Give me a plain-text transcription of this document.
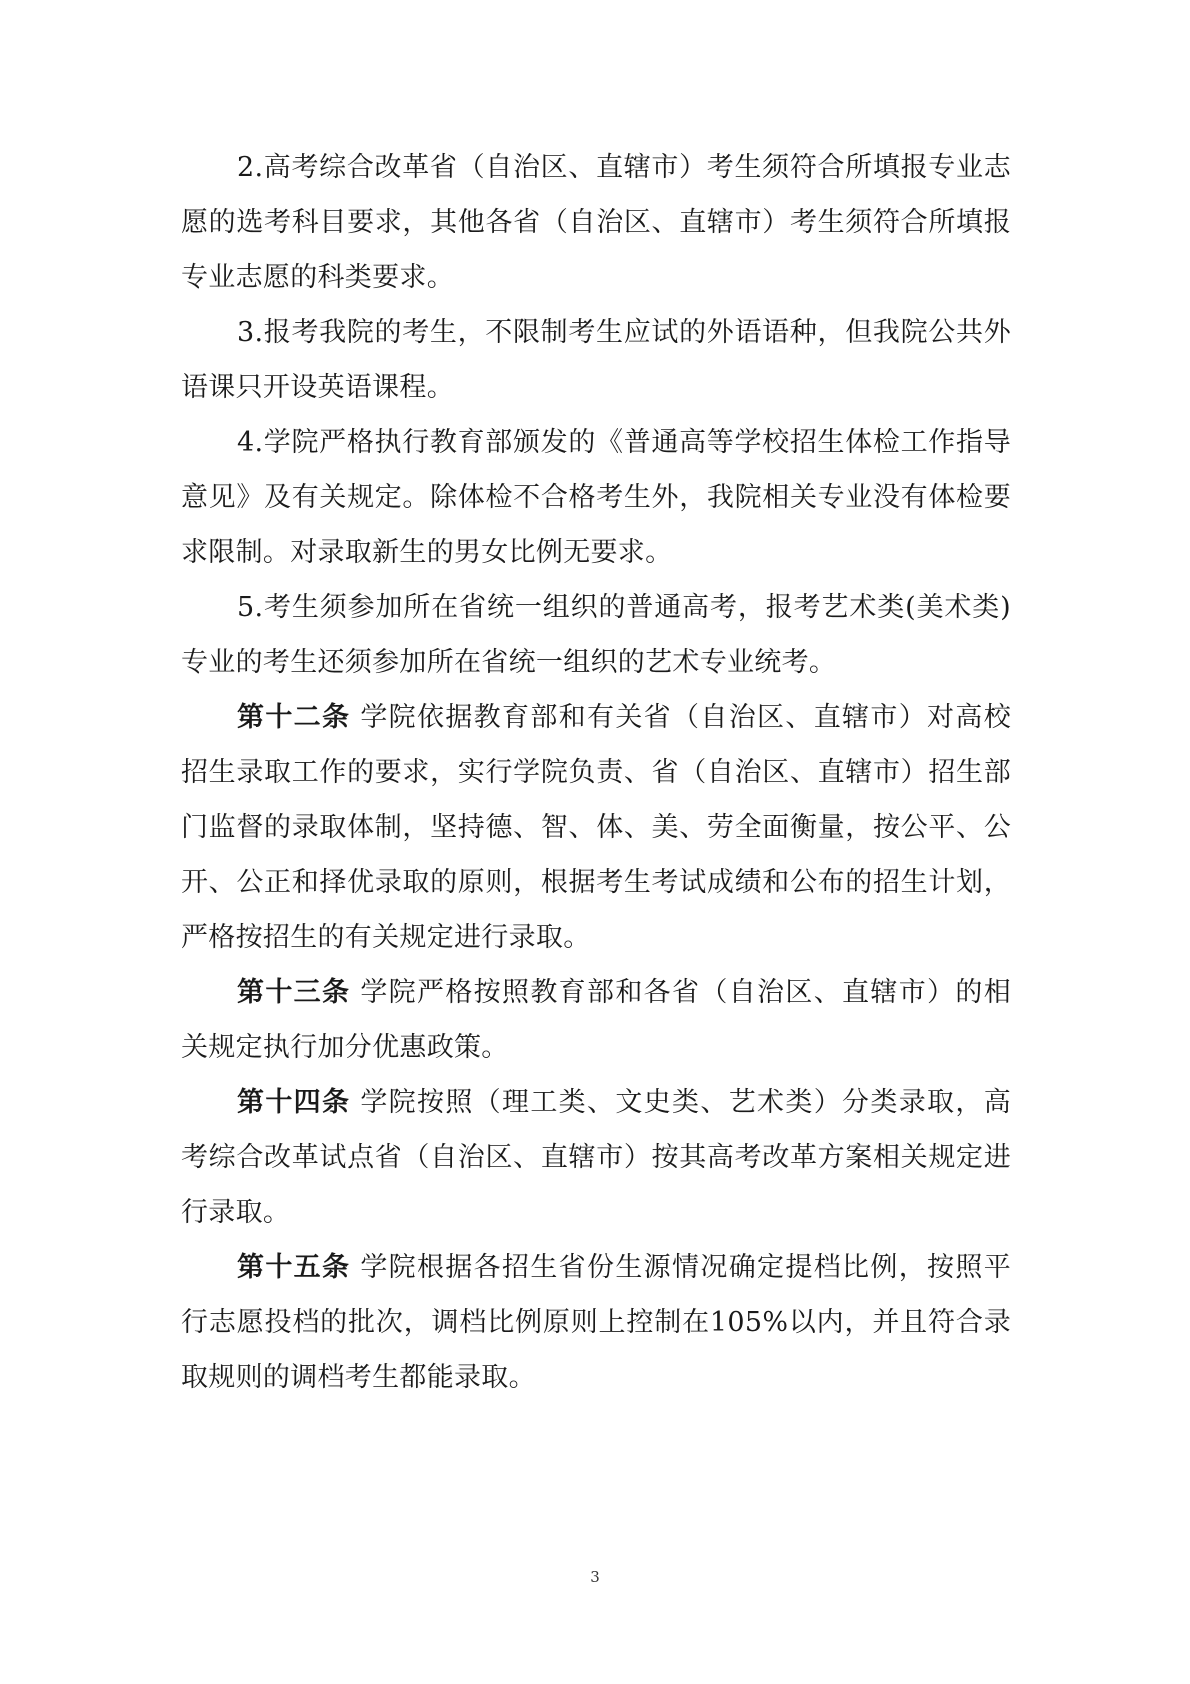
2.高考综合改革省（自治区、直辖市）考生须符合所填报专业志愿的选考科目要求，其他各省（自治区、直辖市）考生须符合所填报专业志愿的科类要求。

3.报考我院的考生，不限制考生应试的外语语种，但我院公共外语课只开设英语课程。

4.学院严格执行教育部颁发的《普通高等学校招生体检工作指导意见》及有关规定。除体检不合格考生外，我院相关专业没有体检要求限制。对录取新生的男女比例无要求。

5.考生须参加所在省统一组织的普通高考，报考艺术类(美术类)专业的考生还须参加所在省统一组织的艺术专业统考。

第十二条 学院依据教育部和有关省（自治区、直辖市）对高校招生录取工作的要求，实行学院负责、省（自治区、直辖市）招生部门监督的录取体制，坚持德、智、体、美、劳全面衡量，按公平、公开、公正和择优录取的原则，根据考生考试成绩和公布的招生计划，严格按招生的有关规定进行录取。

第十三条 学院严格按照教育部和各省（自治区、直辖市）的相关规定执行加分优惠政策。

第十四条 学院按照（理工类、文史类、艺术类）分类录取，高考综合改革试点省（自治区、直辖市）按其高考改革方案相关规定进行录取。

第十五条 学院根据各招生省份生源情况确定提档比例，按照平行志愿投档的批次，调档比例原则上控制在105%以内，并且符合录取规则的调档考生都能录取。

3
